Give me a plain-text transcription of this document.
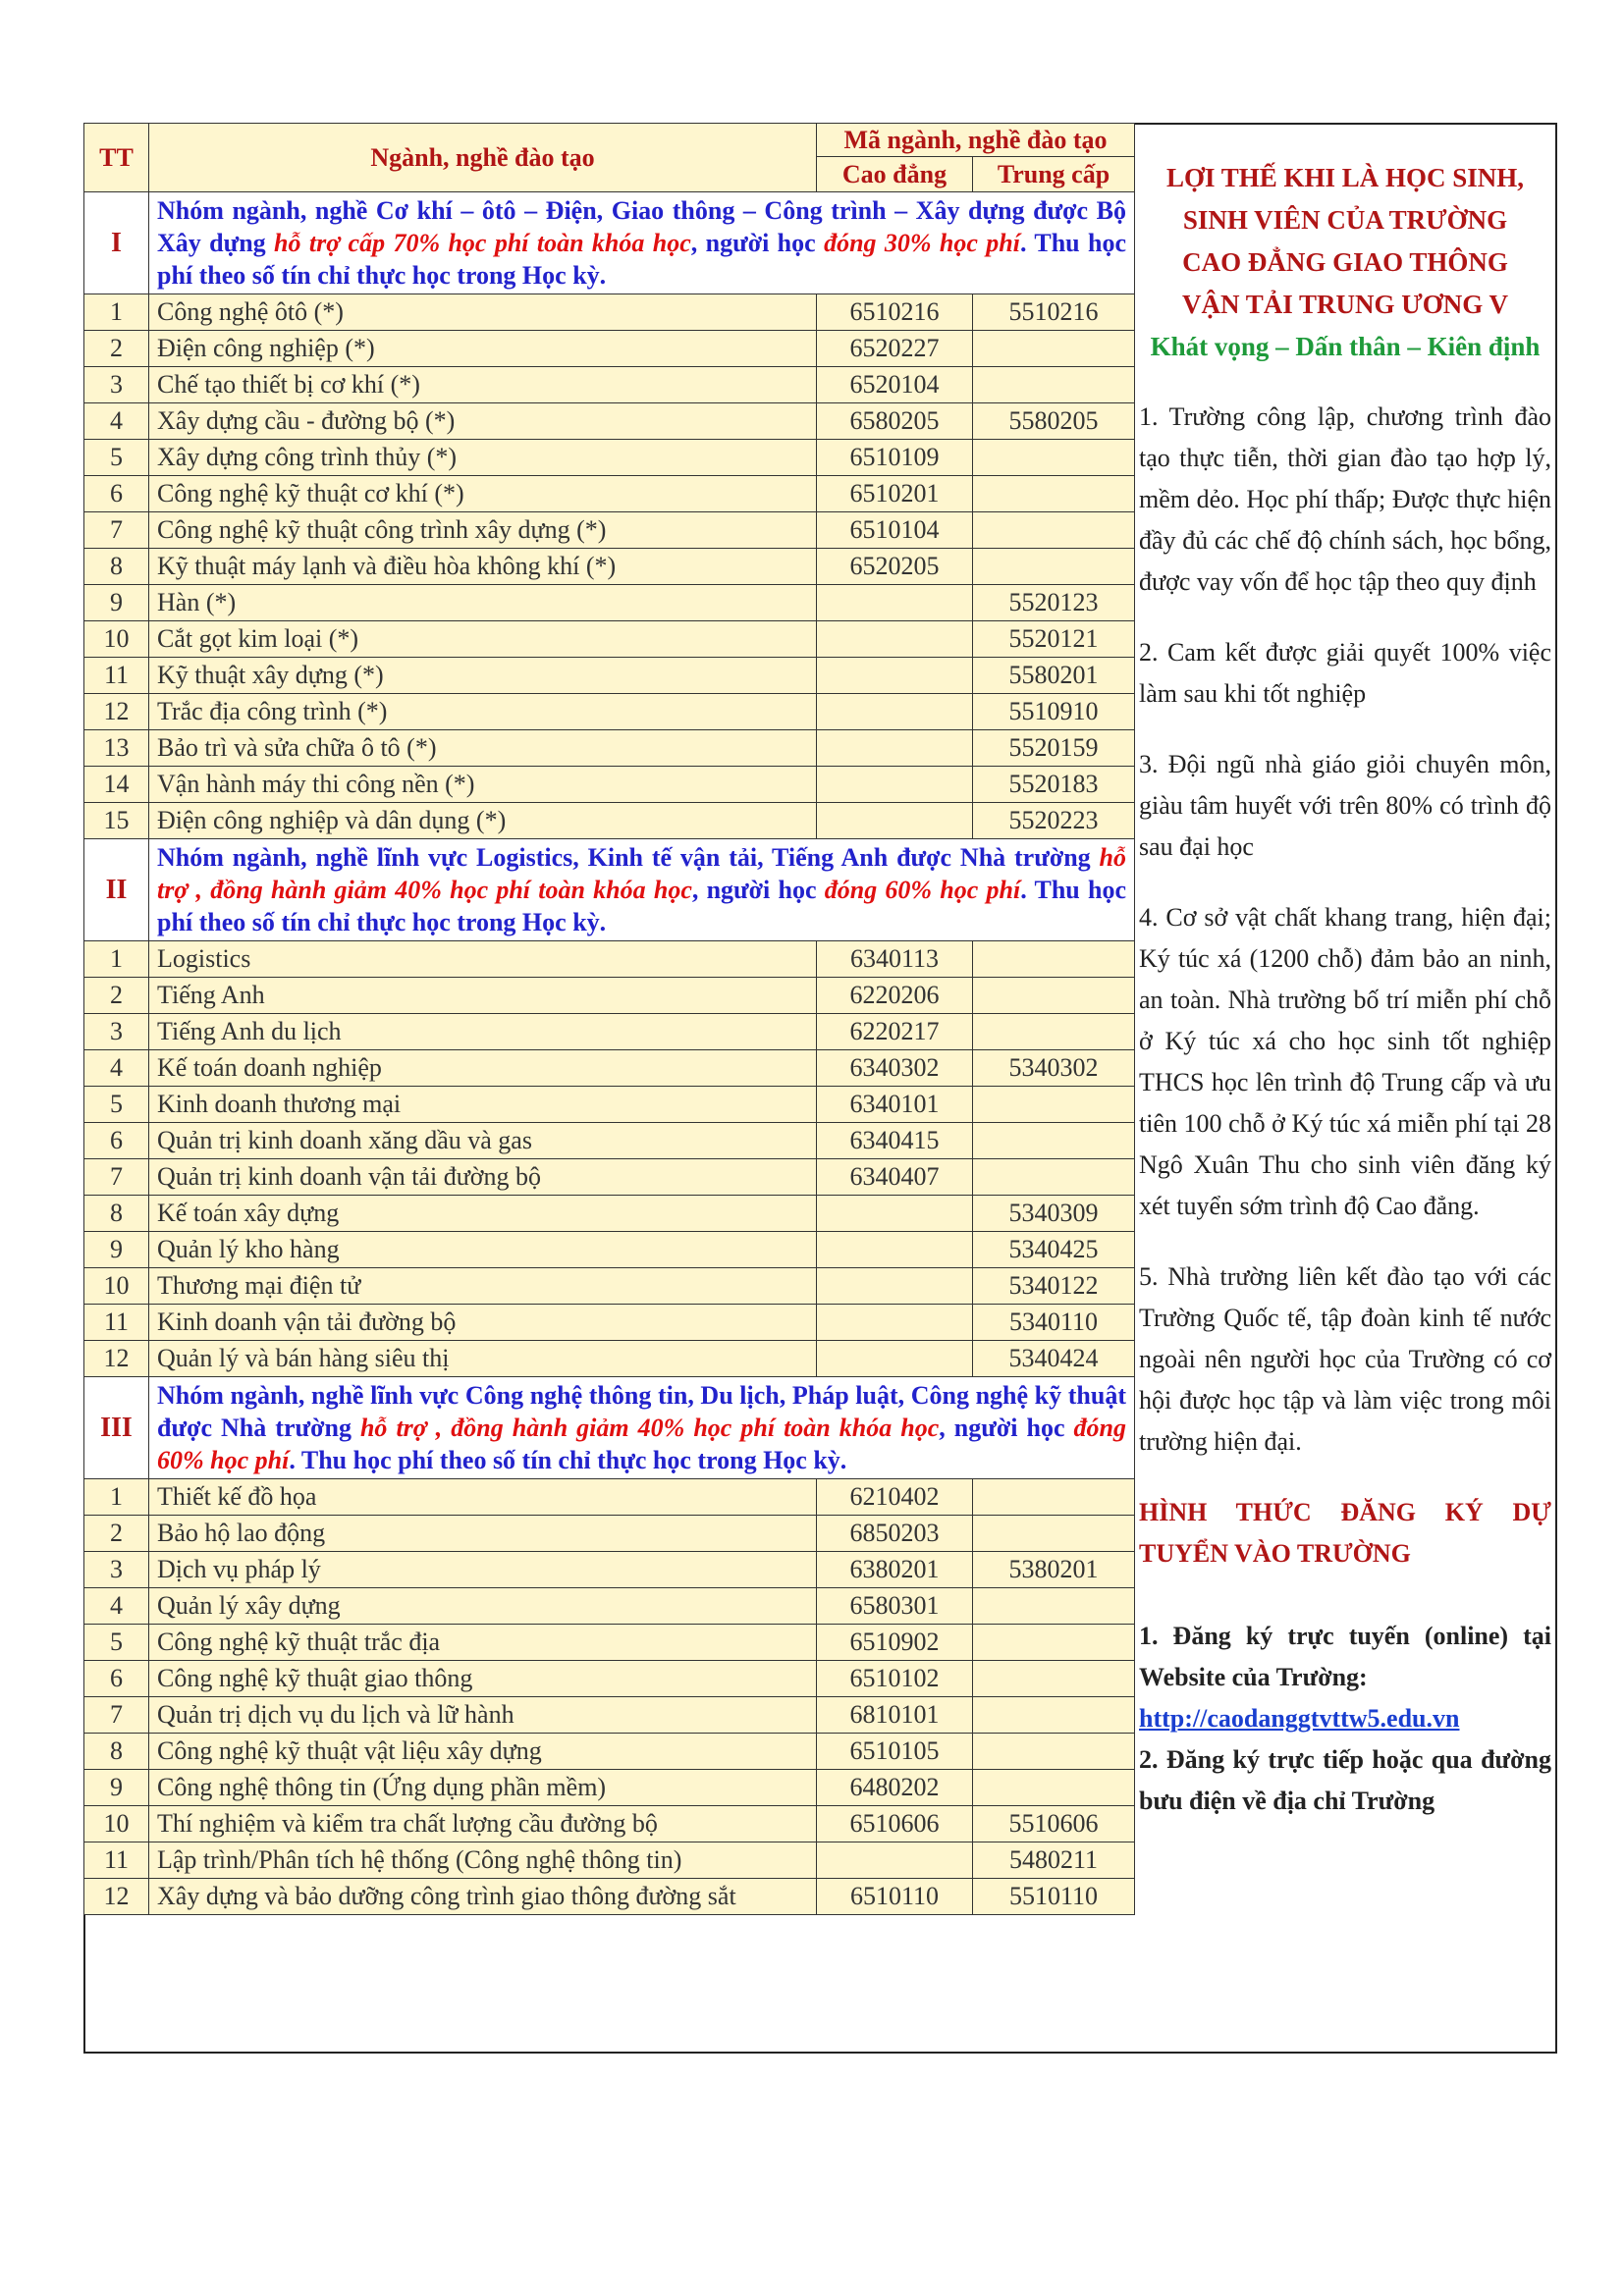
TT	Ngành, nghề đào tạo	Mã ngành, nghề đào tạo	
		Cao đẳng	Trung cấp
I	Nhóm ngành, nghề Cơ khí – ôtô – Điện, Giao thông – Công trình – Xây dựng được Bộ Xây dựng hỗ trợ cấp 70% học phí toàn khóa học, người học đóng 30% học phí. Thu học phí theo số tín chỉ thực học trong Học kỳ.		
1	Công nghệ ôtô (*)	6510216	5510216
2	Điện công nghiệp (*)	6520227	
3	Chế tạo thiết bị cơ khí (*)	6520104	
4	Xây dựng cầu - đường bộ (*)	6580205	5580205
5	Xây dựng công trình thủy (*)	6510109	
6	Công nghệ kỹ thuật cơ khí (*)	6510201	
7	Công nghệ kỹ thuật công trình xây dựng (*)	6510104	
8	Kỹ thuật máy lạnh và điều hòa không khí (*)	6520205	
9	Hàn (*)		5520123
10	Cắt gọt kim loại (*)		5520121
11	Kỹ thuật xây dựng (*)		5580201
12	Trắc địa công trình (*)		5510910
13	Bảo trì và sửa chữa ô tô (*)		5520159
14	Vận hành máy thi công nền (*)		5520183
15	Điện công nghiệp và dân dụng (*)		5520223
II	Nhóm ngành, nghề lĩnh vực Logistics, Kinh tế vận tải, Tiếng Anh được Nhà trường hỗ trợ , đồng hành giảm 40% học phí toàn khóa học, người học đóng 60% học phí. Thu học phí theo số tín chỉ thực học trong Học kỳ.		
1	Logistics	6340113	
2	Tiếng Anh	6220206	
3	Tiếng Anh du lịch	6220217	
4	Kế toán doanh nghiệp	6340302	5340302
5	Kinh doanh thương mại	6340101	
6	Quản trị kinh doanh xăng dầu và gas	6340415	
7	Quản trị kinh doanh vận tải đường bộ	6340407	
8	Kế toán xây dựng		5340309
9	Quản lý kho hàng		5340425
10	Thương mại điện tử		5340122
11	Kinh doanh vận tải đường bộ		5340110
12	Quản lý và bán hàng siêu thị		5340424
III	Nhóm ngành, nghề lĩnh vực Công nghệ thông tin, Du lịch, Pháp luật, Công nghệ kỹ thuật được Nhà trường hỗ trợ , đồng hành giảm 40% học phí toàn khóa học, người học đóng 60% học phí. Thu học phí theo số tín chỉ thực học trong Học kỳ.		
1	Thiết kế đồ họa	6210402	
2	Bảo hộ lao động	6850203	
3	Dịch vụ pháp lý	6380201	5380201
4	Quản lý xây dựng	6580301	
5	Công nghệ kỹ thuật trắc địa	6510902	
6	Công nghệ kỹ thuật giao thông	6510102	
7	Quản trị dịch vụ du lịch và lữ hành	6810101	
8	Công nghệ kỹ thuật vật liệu xây dựng	6510105	
9	Công nghệ thông tin (Ứng dụng phần mềm)	6480202	
10	Thí nghiệm và kiểm tra chất lượng cầu đường bộ	6510606	5510606
11	Lập trình/Phân tích hệ thống (Công nghệ thông tin)		5480211
12	Xây dựng và bảo dưỡng công trình giao thông đường sắt	6510110	5510110
LỢI THẾ KHI LÀ HỌC SINH,
SINH VIÊN CỦA TRƯỜNG
CAO ĐẲNG GIAO THÔNG
VẬN TẢI TRUNG ƯƠNG V
Khát vọng – Dấn thân – Kiên định

1. Trường công lập, chương trình đào tạo thực tiễn, thời gian đào tạo hợp lý, mềm dẻo. Học phí thấp; Được thực hiện đầy đủ các chế độ chính sách, học bổng, được vay vốn để học tập theo quy định

2. Cam kết được giải quyết 100% việc làm sau khi tốt nghiệp

3. Đội ngũ nhà giáo giỏi chuyên môn, giàu tâm huyết với trên 80% có trình độ sau đại học

4. Cơ sở vật chất khang trang, hiện đại; Ký túc xá (1200 chỗ) đảm bảo an ninh, an toàn. Nhà trường bố trí miễn phí chỗ ở Ký túc xá cho học sinh tốt nghiệp THCS học lên trình độ Trung cấp và ưu tiên 100 chỗ ở Ký túc xá miễn phí tại 28 Ngô Xuân Thu cho sinh viên đăng ký xét tuyển sớm trình độ Cao đẳng.

5. Nhà trường liên kết đào tạo với các Trường Quốc tế, tập đoàn kinh tế nước ngoài nên người học của Trường có cơ hội được học tập và làm việc trong môi trường hiện đại.

HÌNH THỨC ĐĂNG KÝ DỰ TUYỂN VÀO TRƯỜNG
1. Đăng ký trực tuyến (online) tại Website của Trường:
http://caodanggtvttw5.edu.vn
2. Đăng ký trực tiếp hoặc qua đường bưu điện về địa chỉ Trường
